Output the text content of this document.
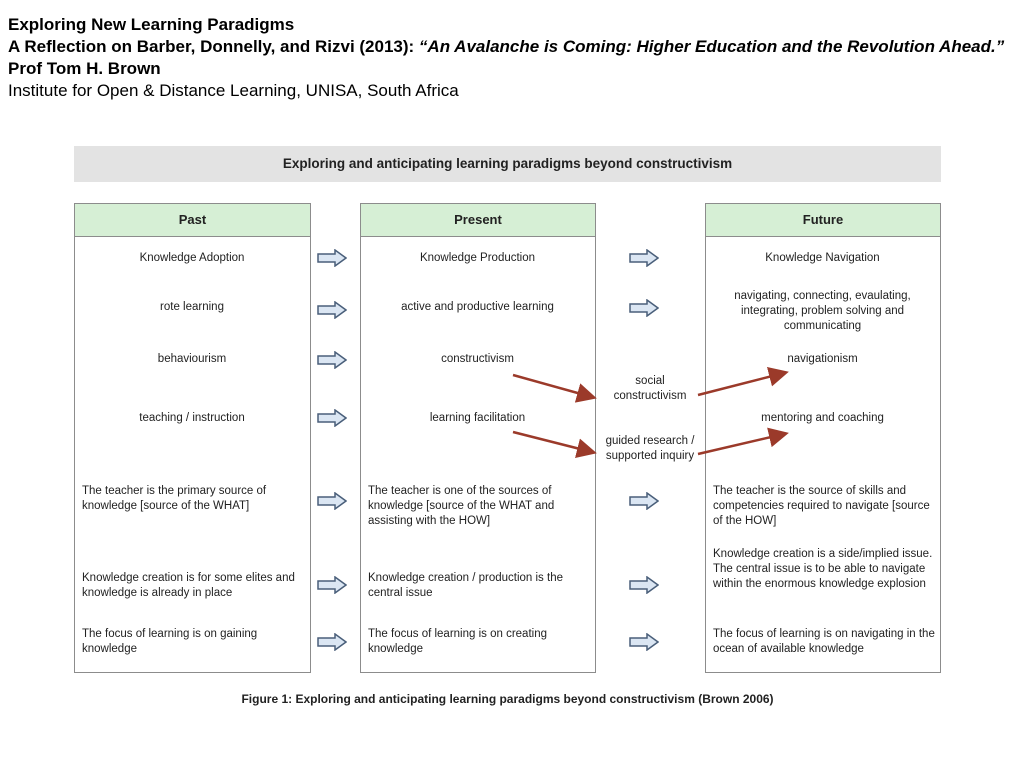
Exploring New Learning Paradigms
A Reflection on Barber, Donnelly, and Rizvi (2013): “An Avalanche is Coming: Higher Education and the Revolution Ahead.”
Prof Tom H. Brown
Institute for Open & Distance Learning, UNISA, South Africa
Exploring and anticipating learning paradigms beyond constructivism
Past
Knowledge Adoption
rote learning
behaviourism
teaching / instruction
The teacher is the primary source of knowledge [source of the WHAT]
Knowledge creation is for some elites and knowledge is already in place
The focus of learning is on gaining knowledge
Present
Knowledge Production
active and productive learning
constructivism
learning facilitation
The teacher is one of the sources of knowledge [source of the WHAT and assisting with the HOW]
Knowledge creation / production is the central issue
The focus of learning is on creating knowledge
Future
Knowledge Navigation
navigating, connecting, evaulating, integrating, problem solving and communicating
navigationism
mentoring and coaching
The teacher is the source of skills and competencies required to navigate [source of the HOW]
Knowledge creation is a side/implied issue. The central issue is to be able to navigate within the enormous knowledge explosion
The focus of learning is on navigating in the ocean of available knowledge
social constructivism
guided research / supported inquiry
Figure 1: Exploring and anticipating learning paradigms beyond constructivism (Brown 2006)
